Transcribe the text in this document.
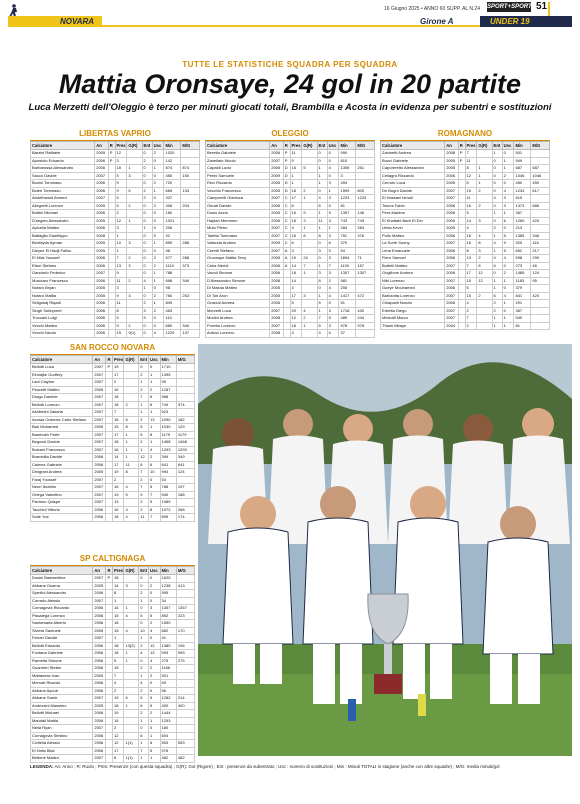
16 Giugno 2025 • ANNO 60 SUPP. AL N.24 SPORT+SPORT 51
NOVARA	Girone A	UNDER 19
TUTTE LE STATISTICHE SQUADRA PER SQUADRA
Mattia Oronsaye, 24 gol in 20 partite
Luca Merzetti dell'Oleggio è terzo per minuti giocati totali, Brambilla e Acosta in evidenza per subentri e sostituzioni
LIBERTAS VAPRIO
Calciatore	An	R	Pres	G(R)	Ent	Usc	Min	M/G
Barzini Raffaele	2005	P	12		0	2	1020	
Apostolo Edoardo	2006	P	3		2	0	142	
Barbarossa Alessandro	2006		18	1	0	1	874	874
Sacco Davide	2007		5	3	0	0	450	150
Bonini Tommaso	2006		9		0	2	720	
Boleri Tommaso	2006		9	5	2	1	665	133
Abdelhamid Ahmed	2007		5		2	0	337	
Allegretti Lorenzo	2005		5	2	0	2	408	204
Bottini Michael	2006		2		0	0	180	
D'angelo Alessandro	2005		12	1	0	0	1021	
Apicella Matteo	2006		3		1	0	206	
Battaglia Gianfilippo	2008		1		0	0	32	
Benfayda Ayman	2005		10	3	0	1	859	286
Dieyee El Hadji Fallou	2005		1		0	0	98	
El Hilal Youssef	2006		7	2	0	2	577	288
Ettori Stefano	2006		13	3	0	2	1119	373
Gandorfo Federico	2007		9		0	1	788	
Mosciaro Francesco	2006		11	2	4	1	698	349
Notaro Bryan	2005		3		1	0	98	
Notaro Mattia	2005		9	3	0	2	760	253
Seligokaj Riqadi	2006		11		2	1	849	
Singh Sukhpreet	2006		8		3	2	463	
Troccani Luigi	2006		5		5	0	110	
Vecchi Matteo	2006		9	2	0	0	680	340
Vecchi Nicolo	2006		15	9(1)	0	4	1229	137
OLEGGIO
Calciatore	An	R	Pres	G(R)	Ent	Usc	Min	M/G
Beretta Gabriele	2006	P	11		0	0	990	
Zanellato Nicolo	2007	P	9		0	0	810	
Capaldi Lucio	2006	D	16	5	1	4	1306	261
Perini Samuele	2009	D	1		1	0	3	
Reci Riccardo	2005	D	1		1	3	494	
Vecchio Francesco	2005	D	18	2	0	1	1599	800
Camporelli Gianluca	2007	C	17	1	4	3	1223	1223
Gerati Davide	2006	C	6		6	0	81	
Dosio Azzio	2005	C	16	9	1	9	1357	146
Hajdari Memmen	2006	C	18	3	11	3	743	743
Muto Pietro	2007	C	4	1	1	1	284	284
Taietta Tommaso	2007	C	16	8	8	3	751	376
Valsesia Andrea	2009	C	6		0	6	370	
Ceretti Stefano	2007	A	3		3	0	54	
Oronsaye Mattia Terry	2005	A	19	24	0	3	1694	71
Ceka Meridi	2006	A	14	7	1	7	1100	157
Vavoli Simone	2006		18	1	3	3	1307	1307
D'Alessandro Simone	2008		14		8	2	581	
Di Matola Matteo	2005		4		0	4	206	
Di Tori Aron	2005		17	3	1	4	1417	472
Grazioli Andrea	2006		5		5	0	51	
Merzetti Luca	2007		20	4	1	3	1718	430
Modini Andrea	2008		12	2	7	5	489	244
Poretta Lorenzo	2007		18	1	5	3	978	978
Antizzi Lorenzo	2008		4		4	0	37	
ROMAGNANO
Calciatore	An	R	Pres	G(R)	Ent	Usc	Min	M/G
Zaninetti Andrea	2008	P	7		1	0	501	
Buzzi Gabriele	2005	P	11		0	1	949	
Caporeretto Alessandro	2005		8	1	0	1	687	687
Cellagra Riccardo	2006		12	1	0	2	1046	1046
Cerruto Luca	2005		5	1	0	0	450	450
De Bugni Davide	2007		15	2	0	4	1234	617
El Hassani Ismail	2007		11		4	3	615	
Tosoni Fabio	2006		16	2	0	3	1373	686
Pera Martino	2006		5		1	1	367	
El Khattabi Badr El Din	2005		14	3	0	6	1260	420
Ueda Kevin	2005		4		2	0	213	
Pollo Matteo	2006		16	4	1	5	1385	346
La Sorte Sonny	2007		16	8	4	9	925	116
Lena Emanuele	2006		8	3	1	5	652	217
Fiero Samuel	2006		13	2	4	4	598	299
Bottelli Matteo	2007		7	6	6	0	273	46
Grigillone Andrea	2006		17	12	0	2	1485	124
Nibi Lorenzo	2007		15	12	1	1	1183	95
Gueye Mouhamed	2006		5		1	0	379	
Bartolotta Lorenzo	2007		15	2	6	4	841	420
Chiapaldi Nunzio	2006		4		2	1	201	
Erbetta Diego	2007		2		2	0	367	
Mesiotti Marco	2007		7		1	1	540	
Thiam Mbaye	2004		2		1	1	81	
SAN ROCCO NOVARA
Calciatore	An	R	Pres	G(R)	Ent	Usc	Min	M/G
Bellotti Luca	2007	P	19		0	0	1710	
Elmidjke Godfrey	2007		17		2	1	1395	
Lani Clayton	2007		2		1	1	95	
Pescetti Matteo	2005		16		2	2	1287	
Dragu Daniele	2007		18		7	6	988	
Bellotti Lorenzo	2007		18	2	1	8	749	374
Ashbeshi Zakaria	2007		7		1	1	523	
Acosta Ordonez Carlo Stefano	2007		18	6	2	13	1090	182
Bah Mohamed	2005		15	8	5	1	1030	129
Bambokh Parfe	2007		17	1	5	8	1179	1179
Begozzi Davide	2007		18	1	2	1	1468	1468
Bolzani Francesco	2007		16	1	1	4	1293	1293
Brambilla Davide	2006		14	1	12	2	349	349
Caimez Gabriele	2006		17	11	6	6	641	641
Dinigrani Andrea	2005		19	8	7	10	994	124
Faraj Youssef	2007		2		2	0	53	
Neuri Ibrahim	2007		15	4	7	5	788	197
Ortega Valentino	2007		19	5	9	7	940	188
Pavinou Quispe	2007		13		2	5	1089	
Tacchini Vittorio	2006		16	4	2	8	1072	268
Solie Yoe	2006		18	4	11	7	695	174
SP CALTIGNAGA
Calciatore	An	R	Pres	G(R)	Ent	Usc	Min	M/G
Dosini Badareldine	2007	P	18		0	0	1620	
Abbane Osama	2005		14	3	0	2	1238	413
Spedini Alessandro	2006		8		2	0	595	
Corrado Alessio	2007		1		1	0	34	
Cornagovia Riccardo	2006		16	1	0	3	1357	1357
Pissalega Lorenzo	2006		15	4	5	5	892	223
Santamaria Alberto	2006		18		0	2	1550	
Sivieta Samuele	2005		15	4	10	4	682	170
Ferrari Davide	2007		1		1	0	41	
Bellotti Edoardo	2006		18	13(2)	2	12	1380	106
Fontana Gabriele	2006		18	1	4	13	993	993
Ramettа Simone	2006		5	1	0	4	275	275
Guarnieri Stefan	2006		15		2	2	1166	
Mattanese Ivan	2005		7		1	2	501	
Mernati Ricardo	2006		4		4	0	69	
Abbane Ayoub	2006		2		2	0	56	
Abbane Samir	2007		19	6	5	5	1282	214
Andrizzini Massimo	2005		18	1	6	5	400	400
Bellotti Michael	2006		19		2	2	1444	
Maudali Mattia	2006		15		1	1	1253	
Nella Ryan	2007		2		0	0	180	
Cornagovia Stefano	2006		12		6	1	604	
Civitella Alessio	2006		12	1(1)	1	6	553	553
El Hafsi Bilal	2006		17		7	5	976	
Bettone Matteo	2007		8	1(1)	1	1	482	482
LEGENDA: An: Anno ; R: Ruolo ; Pres: Presenze (con questa squadra) ; G(R): Gol (Rigore) ; Ent : presenze da subentrato ; Usc : numero di sostituzioni ; Min : Minuti TOTALI in stagione (anche con altre squadre) ; M/G: media minuti/gol
